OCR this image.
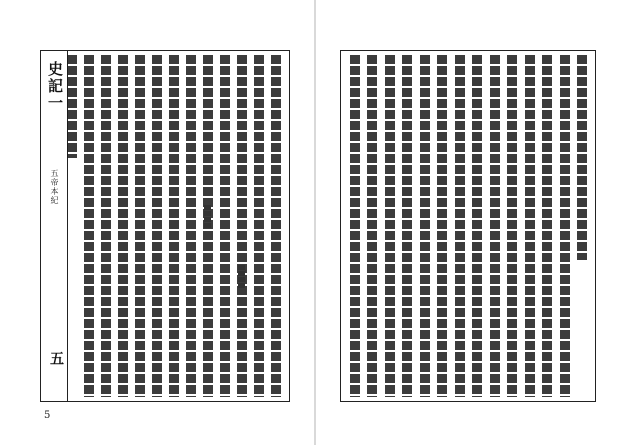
史記一
五帝本紀
五
5
